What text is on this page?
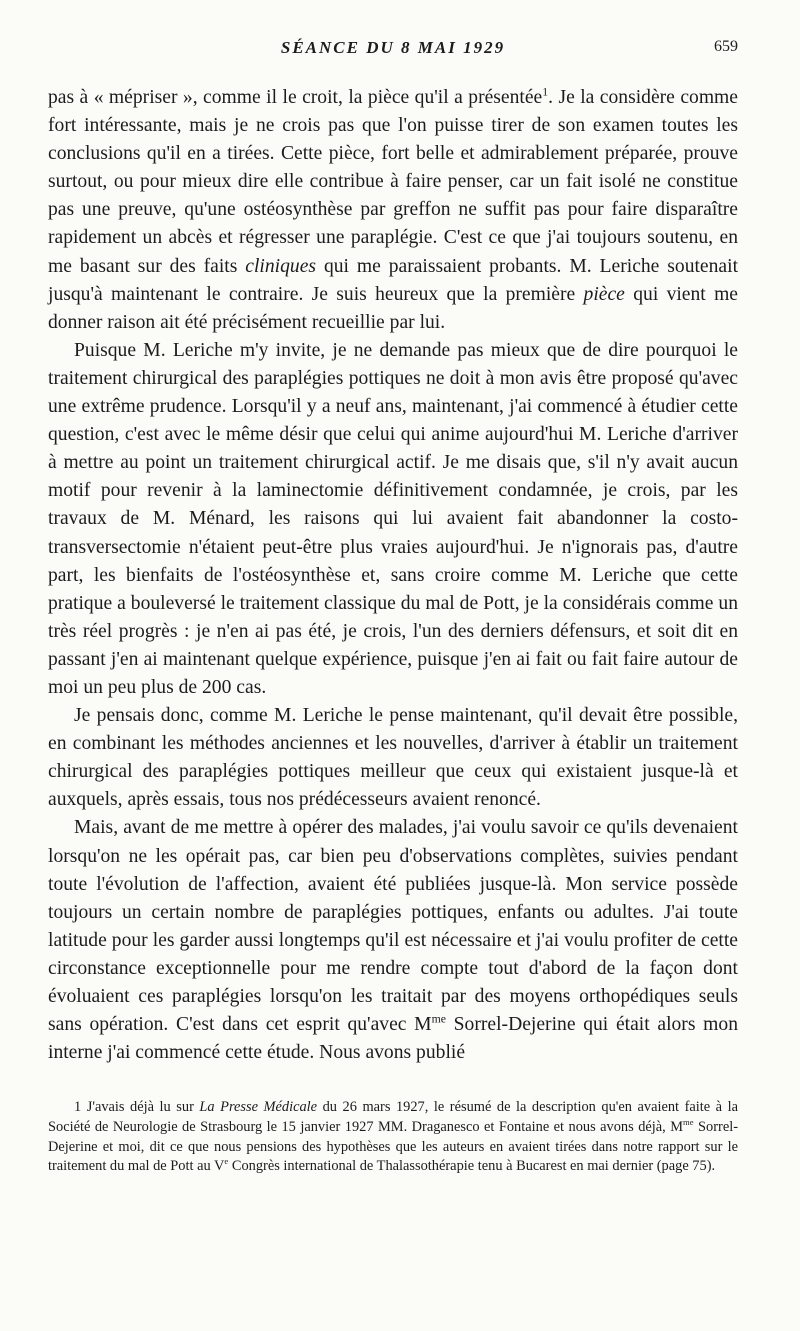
SÉANCE DU 8 MAI 1929	659

pas à « mépriser », comme il le croit, la pièce qu'il a présentée$^1$. Je la considère comme fort intéressante, mais je ne crois pas que l'on puisse tirer de son examen toutes les conclusions qu'il en a tirées. Cette pièce, fort belle et admirablement préparée, prouve surtout, ou pour mieux dire elle contribue à faire penser, car un fait isolé ne constitue pas une preuve, qu'une ostéosynthèse par greffon ne suffit pas pour faire disparaître rapidement un abcès et régresser une paraplégie. C'est ce que j'ai toujours soutenu, en me basant sur des faits cliniques qui me paraissaient probants. M. Leriche soutenait jusqu'à maintenant le contraire. Je suis heureux que la première pièce qui vient me donner raison ait été précisément recueillie par lui.

Puisque M. Leriche m'y invite, je ne demande pas mieux que de dire pourquoi le traitement chirurgical des paraplégies pottiques ne doit à mon avis être proposé qu'avec une extrême prudence. Lorsqu'il y a neuf ans, maintenant, j'ai commencé à étudier cette question, c'est avec le même désir que celui qui anime aujourd'hui M. Leriche d'arriver à mettre au point un traitement chirurgical actif. Je me disais que, s'il n'y avait aucun motif pour revenir à la laminectomie définitivement condamnée, je crois, par les travaux de M. Ménard, les raisons qui lui avaient fait abandonner la costo-transversectomie n'étaient peut-être plus vraies aujourd'hui. Je n'ignorais pas, d'autre part, les bienfaits de l'ostéosynthèse et, sans croire comme M. Leriche que cette pratique a bouleversé le traitement classique du mal de Pott, je la considérais comme un très réel progrès : je n'en ai pas été, je crois, l'un des derniers défensurs, et soit dit en passant j'en ai maintenant quelque expérience, puisque j'en ai fait ou fait faire autour de moi un peu plus de 200 cas.

Je pensais donc, comme M. Leriche le pense maintenant, qu'il devait être possible, en combinant les méthodes anciennes et les nouvelles, d'arriver à établir un traitement chirurgical des paraplégies pottiques meilleur que ceux qui existaient jusque-là et auxquels, après essais, tous nos prédécesseurs avaient renoncé.

Mais, avant de me mettre à opérer des malades, j'ai voulu savoir ce qu'ils devenaient lorsqu'on ne les opérait pas, car bien peu d'observations complètes, suivies pendant toute l'évolution de l'affection, avaient été publiées jusque-là. Mon service possède toujours un certain nombre de paraplégies pottiques, enfants ou adultes. J'ai toute latitude pour les garder aussi longtemps qu'il est nécessaire et j'ai voulu profiter de cette circonstance exceptionnelle pour me rendre compte tout d'abord de la façon dont évoluaient ces paraplégies lorsqu'on les traitait par des moyens orthopédiques seuls sans opération. C'est dans cet esprit qu'avec $M^{me}$ Sorrel-Dejerine qui était alors mon interne j'ai commencé cette étude. Nous avons publié

1 J'avais déjà lu sur La Presse Médicale du 26 mars 1927, le résumé de la description qu'en avaient faite à la Société de Neurologie de Strasbourg le 15 janvier 1927 MM. Draganesco et Fontaine et nous avons déjà, $M^{me}$ Sorrel-Dejerine et moi, dit ce que nous pensions des hypothèses que les auteurs en avaient tirées dans notre rapport sur le traitement du mal de Pott au Ve Congrès international de Thalassothérapie tenu à Bucarest en mai dernier (page 75).
